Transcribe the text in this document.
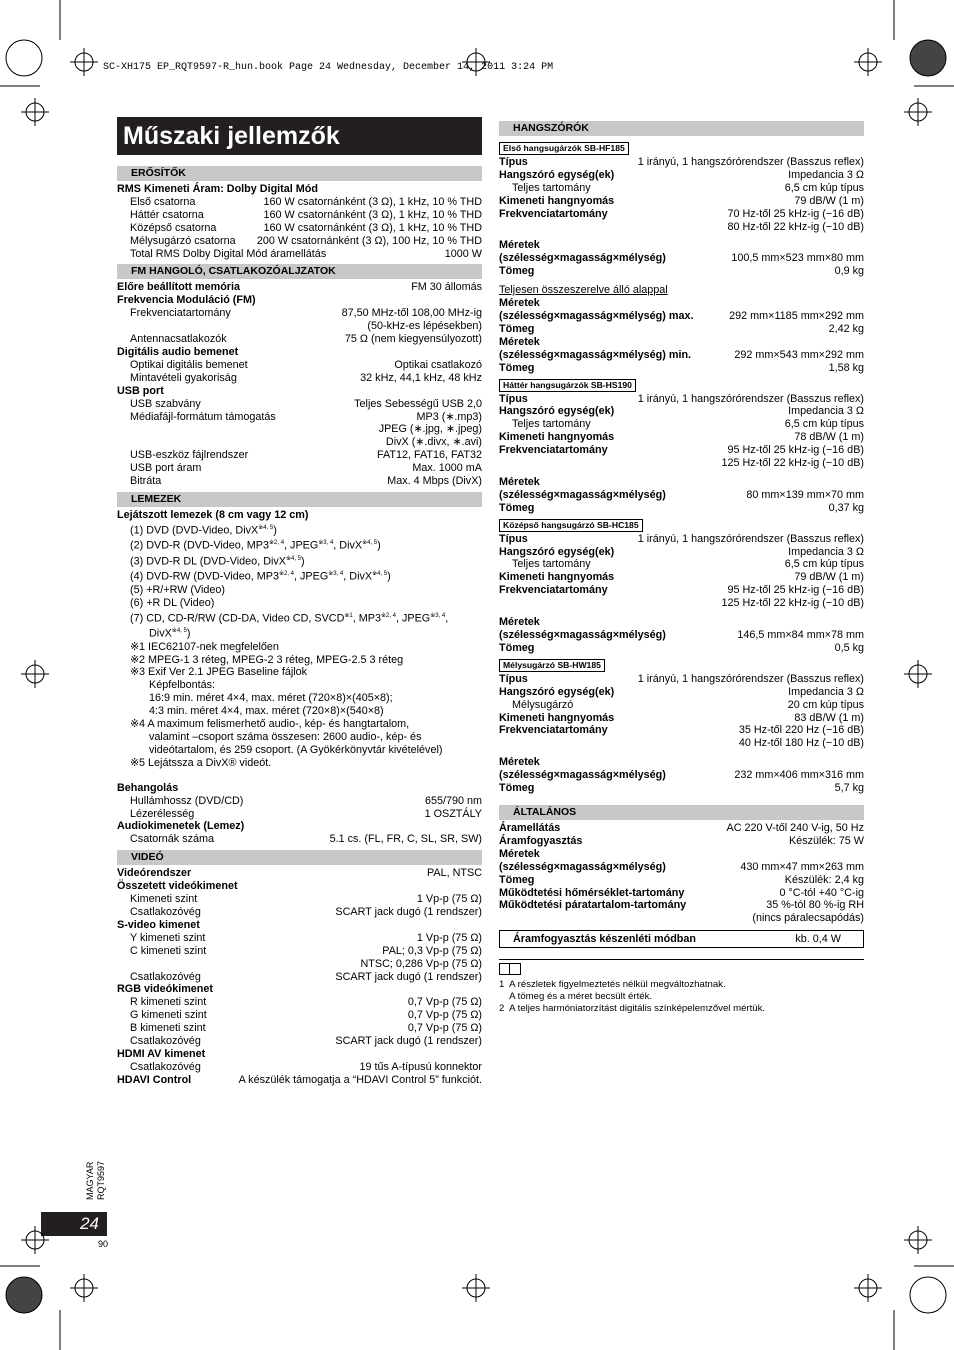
SC-XH175 EP_RQT9597-R_hun.book Page 24 Wednesday, December 14, 2011 3:24 PM
Műszaki jellemzők
ERŐSÍTŐK
RMS Kimeneti Áram: Dolby Digital Mód
Első csatorna	160 W csatornánként (3 Ω), 1 kHz, 10 % THD
Háttér csatorna	160 W csatornánként (3 Ω), 1 kHz, 10 % THD
Középső csatorna	160 W csatornánként (3 Ω), 1 kHz, 10 % THD
Mélysugárzó csatorna 200 W csatornánként (3 Ω), 100 Hz, 10 % THD
Total RMS Dolby Digital Mód áramellátás	1000 W
FM HANGOLÓ, CSATLAKOZÓALJZATOK
Előre beállított memória	FM 30 állomás
Frekvencia Moduláció (FM)
Frekvenciatartomány	87,50 MHz-től 108,00 MHz-ig
(50-kHz-es lépésekben)
Antennacsatlakozók	75 Ω (nem kiegyensúlyozott)
Digitális audio bemenet
Optikai digitális bemenet	Optikai csatlakozó
Mintavételi gyakoriság	32 kHz, 44,1 kHz, 48 kHz
USB port
USB szabvány	Teljes Sebességű USB 2,0
Médiafájl-formátum támogatás	MP3 (∗.mp3)
JPEG (∗.jpg, ∗.jpeg)
DivX (∗.divx, ∗.avi)
USB-eszköz fájlrendszer	FAT12, FAT16, FAT32
USB port áram	Max. 1000 mA
Bitráta	Max. 4 Mbps (DivX)
LEMEZEK
Lejátszott lemezek (8 cm vagy 12 cm)
(1) DVD (DVD-Video, DivX$^{※4, 5}$)
(2) DVD-R (DVD-Video, MP3$^{※2, 4}$, JPEG$^{※3, 4}$, DivX$^{※4, 5}$)
(3) DVD-R DL (DVD-Video, DivX$^{※4, 5}$)
(4) DVD-RW (DVD-Video, MP3$^{※2, 4}$, JPEG$^{※3, 4}$, DivX$^{※4, 5}$)
(5) +R/+RW (Video)
(6) +R DL (Video)
(7) CD, CD-R/RW (CD-DA, Video CD, SVCD$^{※1}$, MP3$^{※2, 4}$, JPEG$^{※3, 4}$,
DivX$^{※4, 5}$)
※1 IEC62107-nek megfelelően
※2 MPEG-1 3 réteg, MPEG-2 3 réteg, MPEG-2.5 3 réteg
※3 Exif Ver 2.1 JPEG Baseline fájlok
Képfelbontás:
16:9 min. méret 4×4, max. méret (720×8)×(405×8);
4:3 min. méret 4×4, max. méret (720×8)×(540×8)
※4 A maximum felismerhető audio-, kép- és hangtartalom,
valamint –csoport száma összesen: 2600 audio-, kép- és
videótartalom, és 259 csoport. (A Gyökérkönyvtár kivételével)
※5 Lejátssza a DivX® videót.
Behangolás
Hullámhossz (DVD/CD)	655/790 nm
Lézerélesség	1 OSZTÁLY
Audiokimenetek (Lemez)
Csatornák száma	5.1 cs. (FL, FR, C, SL, SR, SW)
VIDEÓ
Videórendszer	PAL, NTSC
Összetett videókimenet
Kimeneti szint	1 Vp-p (75 Ω)
Csatlakozóvég	SCART jack dugó (1 rendszer)
S-video kimenet
Y kimeneti szint	1 Vp-p (75 Ω)
C kimeneti szint	PAL; 0,3 Vp-p (75 Ω)
NTSC; 0,286 Vp-p (75 Ω)
Csatlakozóvég	SCART jack dugó (1 rendszer)
RGB videókimenet
R kimeneti szint	0,7 Vp-p (75 Ω)
G kimeneti szint	0,7 Vp-p (75 Ω)
B kimeneti szint	0,7 Vp-p (75 Ω)
Csatlakozóvég	SCART jack dugó (1 rendszer)
HDMI AV kimenet
Csatlakozóvég	19 tűs A-típusú konnektor
HDAVI Control	A készülék támogatja a “HDAVI Control 5” funkciót.
HANGSZÓRÓK
Első hangsugárzók SB-HF185
Típus	1 irányú, 1 hangszórórendszer (Basszus reflex)
Hangszóró egység(ek)	Impedancia 3 Ω
Teljes tartomány	6,5 cm kúp típus
Kimeneti hangnyomás	79 dB/W (1 m)
Frekvenciatartomány	70 Hz-től 25 kHz-ig (−16 dB)
80 Hz-től 22 kHz-ig (−10 dB)
Méretek
(szélesség×magasság×mélység)	100,5 mm×523 mm×80 mm
Tömeg	0,9 kg
Teljesen összeszerelve álló alappal
Méretek
(szélesség×magasság×mélység) max.	292 mm×1185 mm×292 mm
Tömeg	2,42 kg
Méretek
(szélesség×magasság×mélység) min.	292 mm×543 mm×292 mm
Tömeg	1,58 kg
Háttér hangsugárzók SB-HS190
Típus	1 irányú, 1 hangszórórendszer (Basszus reflex)
Hangszóró egység(ek)	Impedancia 3 Ω
Teljes tartomány	6,5 cm kúp típus
Kimeneti hangnyomás	78 dB/W (1 m)
Frekvenciatartomány	95 Hz-től 25 kHz-ig (−16 dB)
125 Hz-től 22 kHz-ig (−10 dB)
Méretek
(szélesség×magasság×mélység)	80 mm×139 mm×70 mm
Tömeg	0,37 kg
Középső hangsugárzó SB-HC185
Típus	1 irányú, 1 hangszórórendszer (Basszus reflex)
Hangszóró egység(ek)	Impedancia 3 Ω
Teljes tartomány	6,5 cm kúp típus
Kimeneti hangnyomás	79 dB/W (1 m)
Frekvenciatartomány	95 Hz-től 25 kHz-ig (−16 dB)
125 Hz-től 22 kHz-ig (−10 dB)
Méretek
(szélesség×magasság×mélység)	146,5 mm×84 mm×78 mm
Tömeg	0,5 kg
Mélysugárzó SB-HW185
Típus	1 irányú, 1 hangszórórendszer (Basszus reflex)
Hangszóró egység(ek)	Impedancia 3 Ω
Mélysugárzó	20 cm kúp típus
Kimeneti hangnyomás	83 dB/W (1 m)
Frekvenciatartomány	35 Hz-től 220 Hz (−16 dB)
40 Hz-től 180 Hz (−10 dB)
Méretek
(szélesség×magasság×mélység)	232 mm×406 mm×316 mm
Tömeg	5,7 kg
ÁLTALÁNOS
Áramellátás	AC 220 V-től 240 V-ig, 50 Hz
Áramfogyasztás	Készülék: 75 W
Méretek
(szélesség×magasság×mélység)	430 mm×47 mm×263 mm
Tömeg	Készülék: 2,4 kg
Működtetési hőmérséklet-tartomány	0 °C-tól +40 °C-ig
Működtetési páratartalom-tartomány	35 %-tól 80 %-ig RH
(nincs páralecsapódás)
Áramfogyasztás készenléti módban	kb. 0,4 W
1  A részletek figyelmeztetés nélkül megváltozhatnak.
A tömeg és a méret becsült érték.
2  A teljes harmóniatorzítást digitális színképelemzővel mértük.
MAGYAR RQT9597
24
90
